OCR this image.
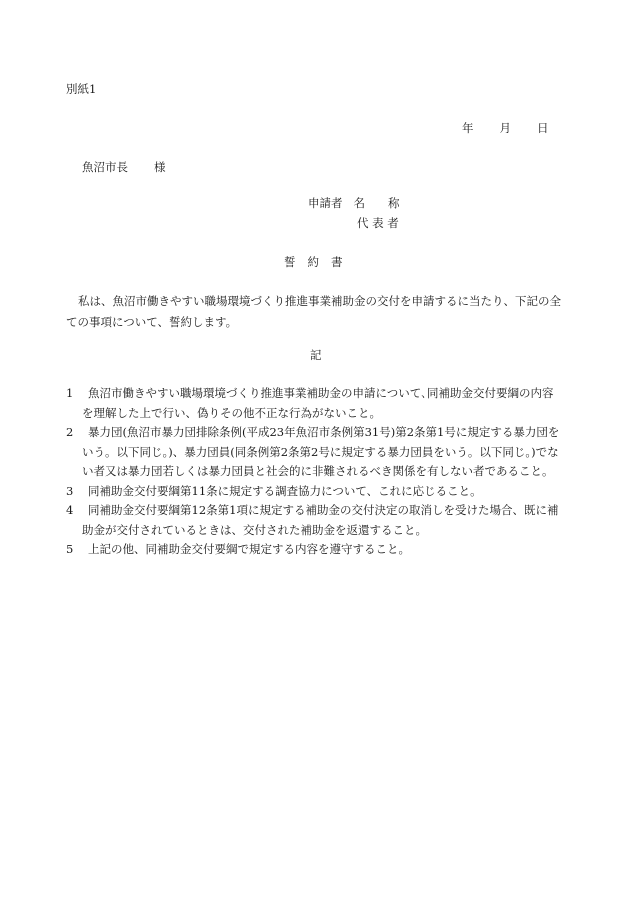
別紙1
年 月 日
魚沼市長 様
申請者 名　　称
代 表 者
誓約書
私は、魚沼市働きやすい職場環境づくり推進事業補助金の交付を申請するに当たり、下記の全ての事項について、誓約します。
記
1 魚沼市働きやすい職場環境づくり推進事業補助金の申請について､同補助金交付要綱の内容を理解した上で行い、偽りその他不正な行為がないこと。
2 暴力団(魚沼市暴力団排除条例(平成23年魚沼市条例第31号)第2条第1号に規定する暴力団をいう。以下同じ。)、暴力団員(同条例第2条第2号に規定する暴力団員をいう。以下同じ。)でない者又は暴力団若しくは暴力団員と社会的に非難されるべき関係を有しない者であること。
3 同補助金交付要綱第11条に規定する調査協力について、これに応じること。
4 同補助金交付要綱第12条第1項に規定する補助金の交付決定の取消しを受けた場合、既に補助金が交付されているときは、交付された補助金を返還すること。
5 上記の他、同補助金交付要綱で規定する内容を遵守すること。
